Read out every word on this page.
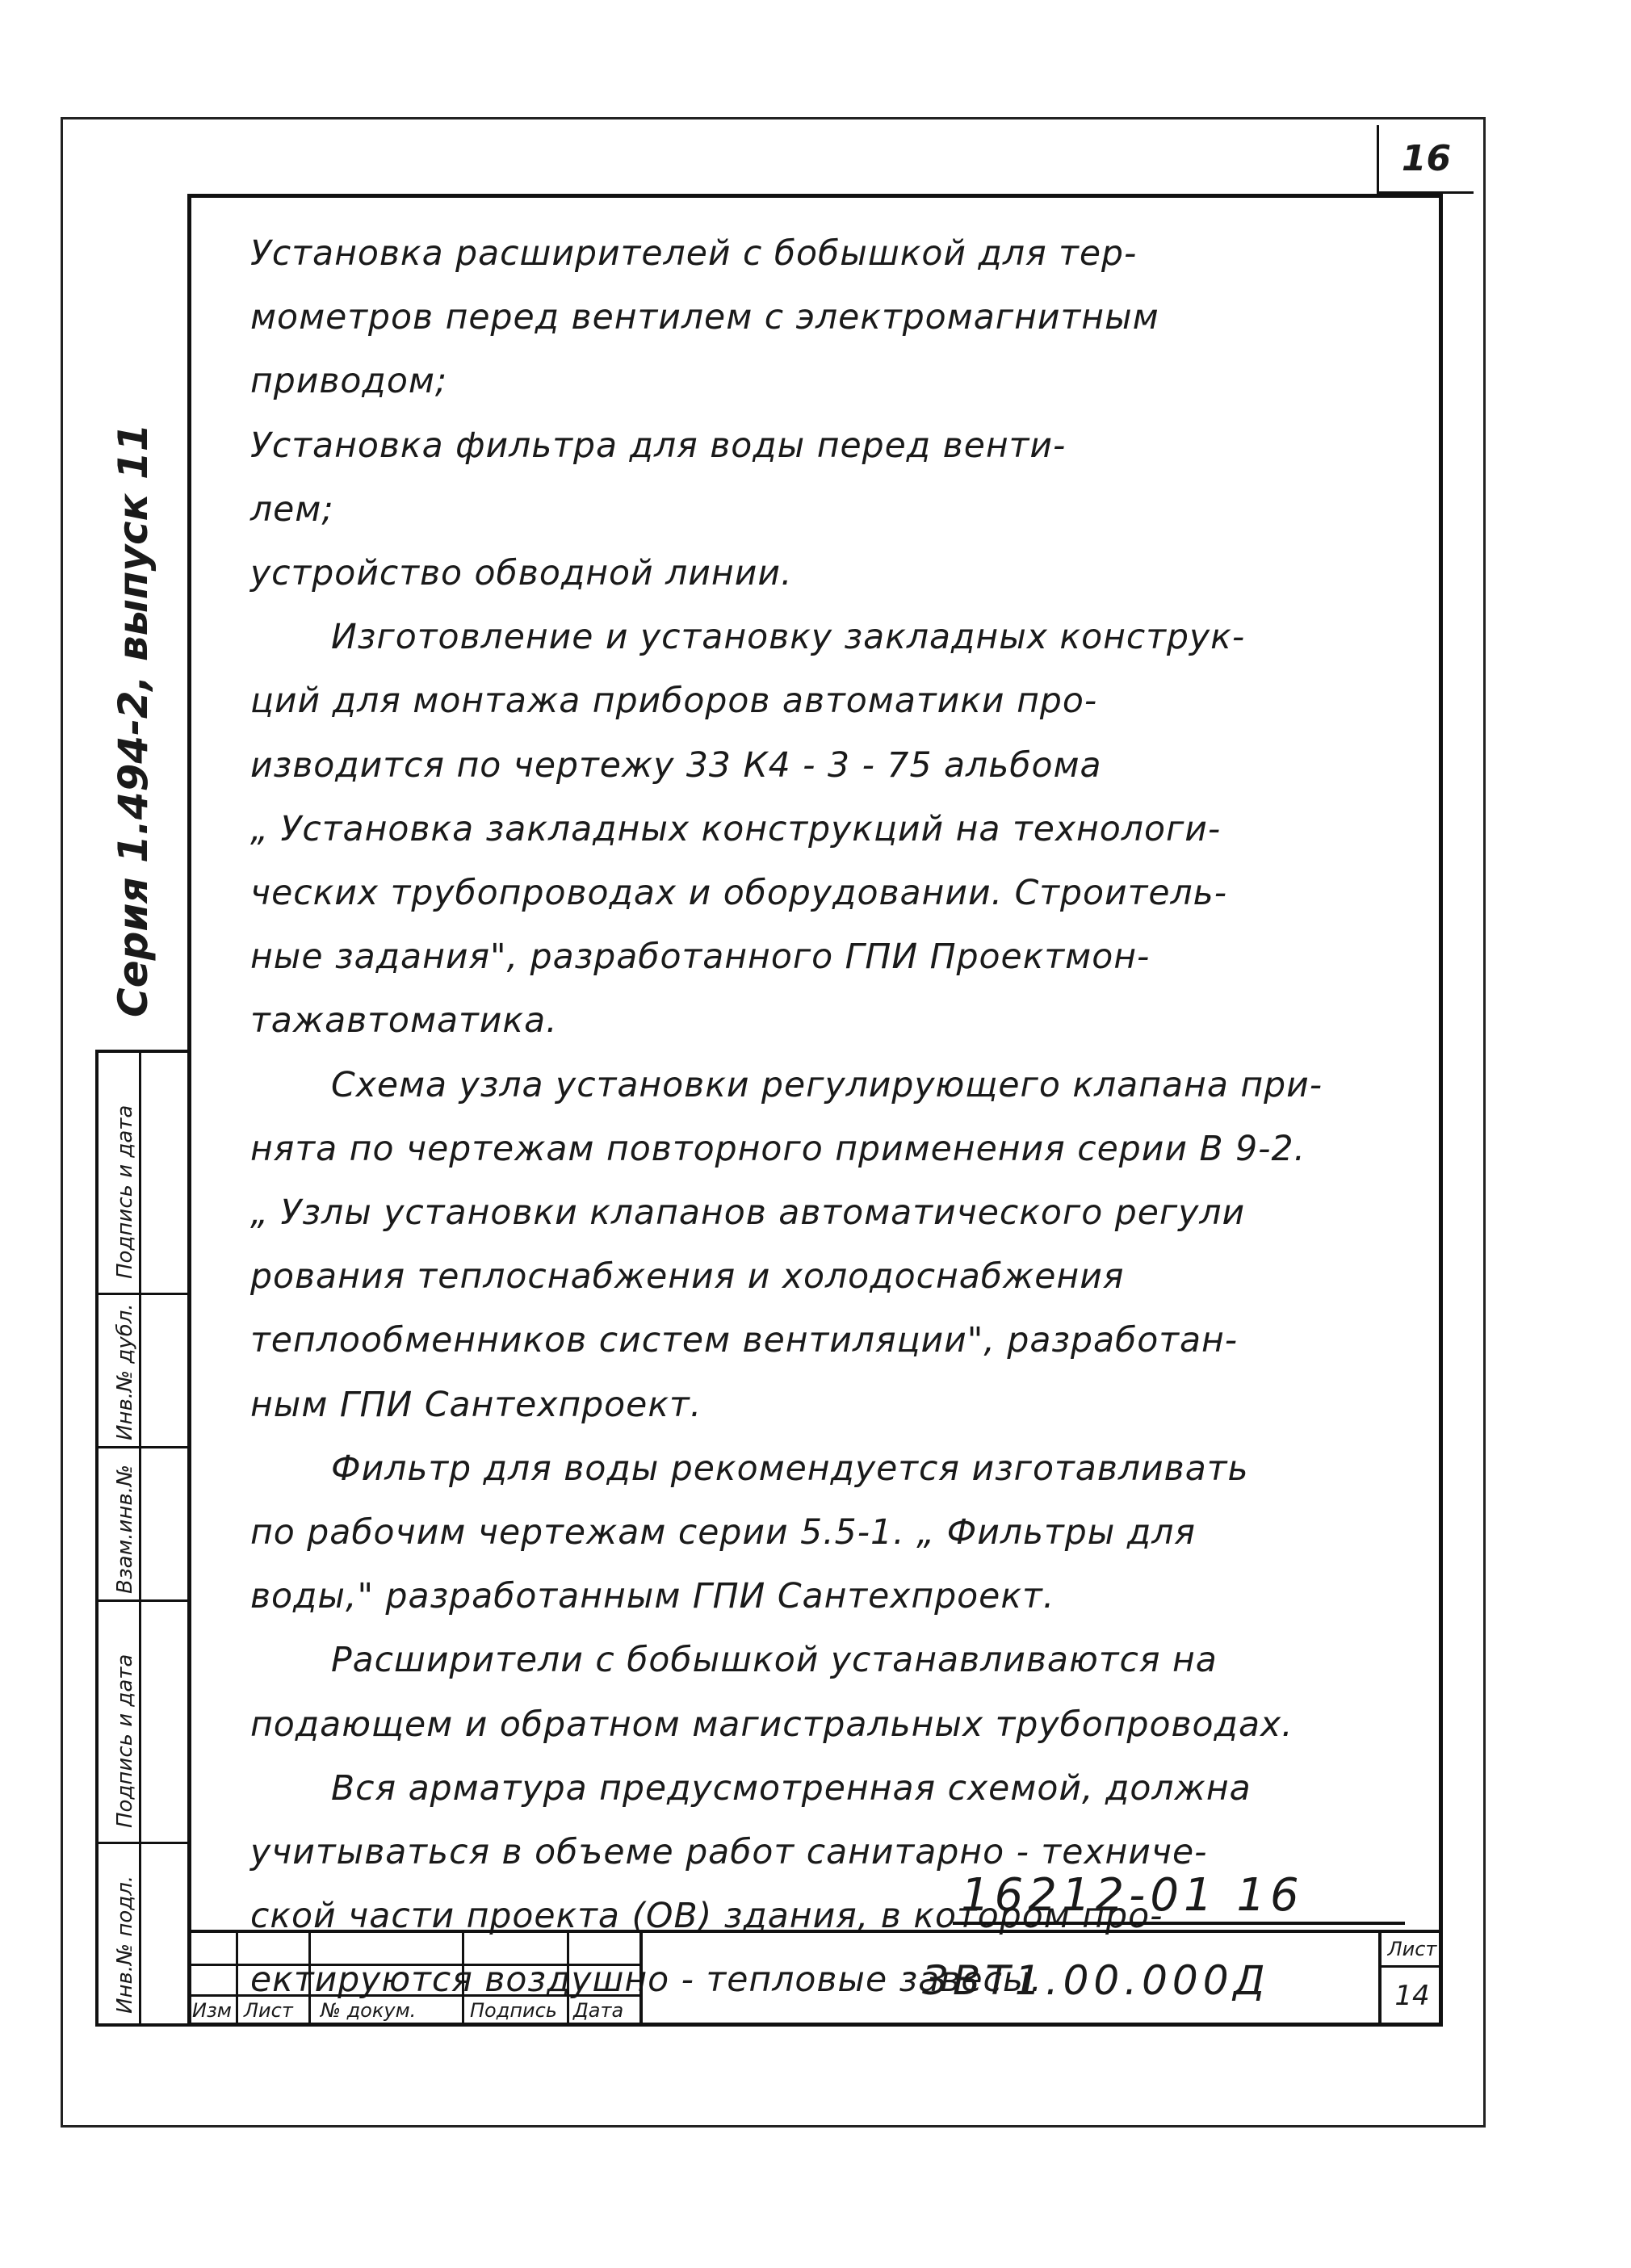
16
Серия 1.494-2, выпуск 11
Подпись и дата
Инв.№ дубл.
Взам.инв.№
Подпись и дата
Инв.№ подл.
Установка расширителей с бобышкой для тер-
мометров перед вентилем с электромагнитным
приводом;
Установка фильтра для воды перед венти-
лем;
устройство обводной линии.
Изготовление и установку закладных конструк-
ций для монтажа приборов автоматики про-
изводится по чертежу 33 К4 - 3 - 75 альбома
„ Установка закладных конструкций на технологи-
ческих трубопроводах и оборудовании. Строитель-
ные задания", разработанного ГПИ Проектмон-
тажавтоматика.
Схема узла установки регулирующего клапана при-
нята по чертежам повторного применения серии В 9-2.
„ Узлы установки клапанов автоматического регули
рования теплоснабжения и холодоснабжения
теплообменников систем вентиляции", разработан-
ным ГПИ Сантехпроект.
Фильтр для воды рекомендуется изготавливать
по рабочим чертежам серии 5.5-1. „ Фильтры для
воды," разработанным ГПИ Сантехпроект.
Расширители с бобышкой устанавливаются на
подающем и обратном магистральных трубопроводах.
Вся арматура предусмотренная схемой, должна
учитываться в объеме работ санитарно - техниче-
ской части проекта (ОВ) здания, в котором про-
ектируются воздушно - тепловые завесы.
16212-01 16
Изм Лист № докум.	Подпись Дата
ЗВТ1.00.000Д
Лист
14
